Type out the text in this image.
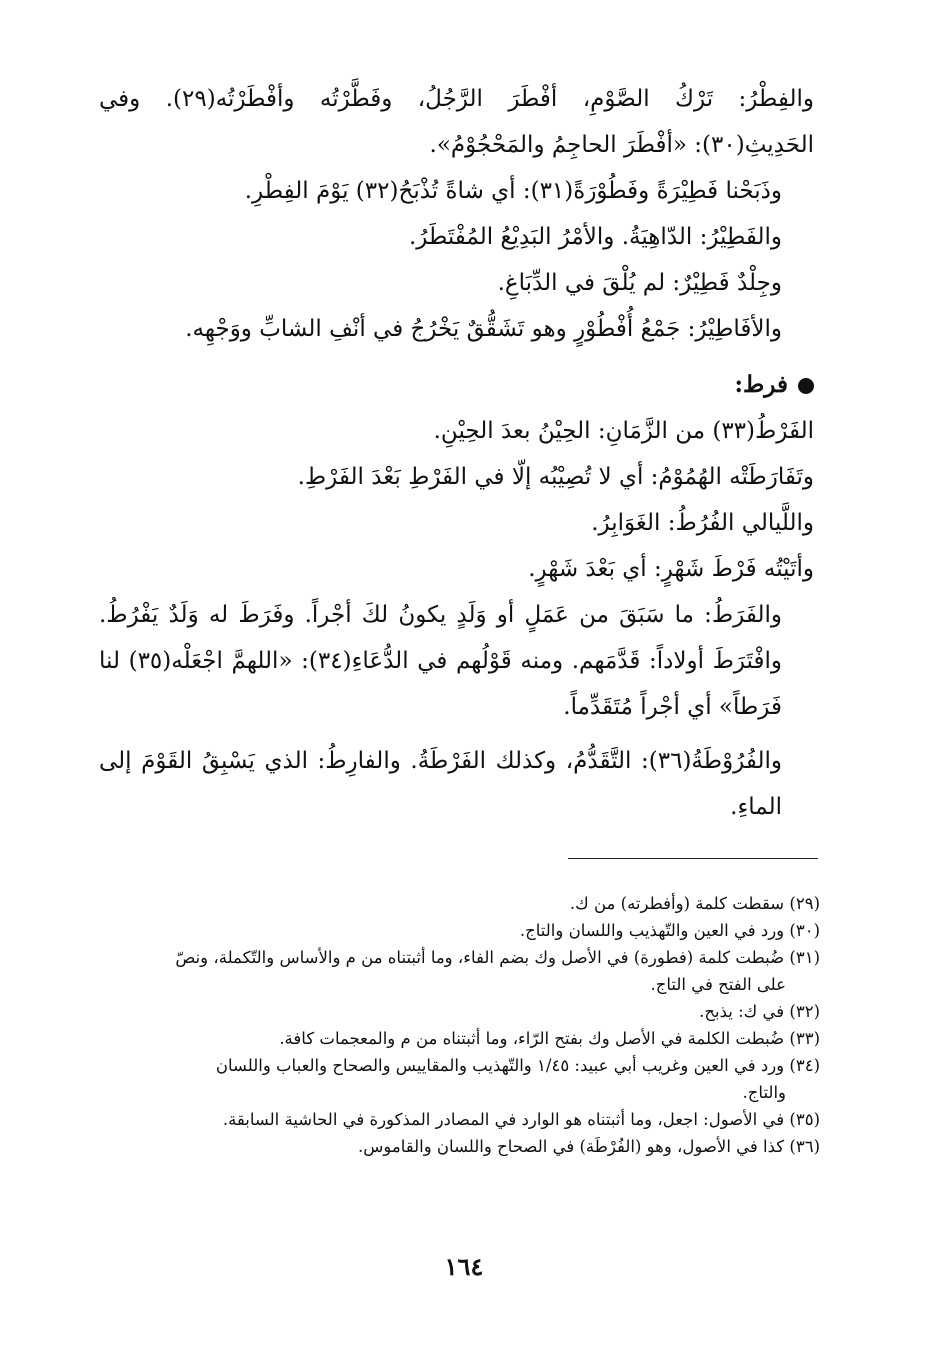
والفِطْرُ: تَرْكُ الصَّوْمِ، أفْطَرَ الرَّجُلُ، وفَطَّرْتُه وأفْطَرْتُه(٢٩). وفي الحَدِيثِ(٣٠): «أفْطَرَ الحاجِمُ والمَحْجُوْمُ».

وذَبَحْنا فَطِيْرَةً وفَطُوْرَةً(٣١): أي شاةً تُذْبَحُ(٣٢) يَوْمَ الفِطْرِ.

والفَطِيْرُ: الدّاهِيَةُ. والأمْرُ البَدِيْعُ المُفْتَطَرُ.

وجِلْدٌ فَطِيْرٌ: لم يُلْقَ في الدِّبَاغِ.

والأفَاطِيْرُ: جَمْعُ أُفْطُوْرٍ وهو تَشَقُّقٌ يَخْرُجُ في أنْفِ الشابِّ ووَجْهِه.

فرط:

الفَرْطُ(٣٣) من الزَّمَانِ: الحِيْنُ بعدَ الحِيْنِ.

وتَفَارَطَتْه الهُمُوْمُ: أي لا تُصِيْبُه إلّا في الفَرْطِ بَعْدَ الفَرْطِ.

واللَّيالي الفُرُطُ: الغَوَابِرُ.

وأتَيْتُه فَرْطَ شَهْرٍ: أي بَعْدَ شَهْرٍ.

والفَرَطُ: ما سَبَقَ من عَمَلٍ أو وَلَدٍ يكونُ لكَ أجْراً. وفَرَطَ له وَلَدٌ يَفْرُطُ. وافْتَرَطَ أولاداً: قَدَّمَهم. ومنه قَوْلُهم في الدُّعَاءِ(٣٤): «اللهمَّ اجْعَلْه(٣٥) لنا فَرَطاً» أي أجْراً مُتَقَدِّماً.

والفُرُوْطَةُ(٣٦): التَّقَدُّمُ، وكذلك الفَرْطَةُ. والفارِطُ: الذي يَسْبِقُ القَوْمَ إلى الماءِ.

(٢٩) سقطت كلمة (وأفطرته) من ك.

(٣٠) ورد في العين والتّهذيب واللسان والتاج.

(٣١) ضُبطت كلمة (فطورة) في الأصل وك بضم الفاء، وما أثبتناه من م والأساس والتّكملة، ونصّ

على الفتح في التاج.

(٣٢) في ك: يذبح.

(٣٣) ضُبطت الكلمة في الأصل وك بفتح الرّاء، وما أثبتناه من م والمعجمات كافة.

(٣٤) ورد في العين وغريب أبي عبيد: ١/٤٥ والتّهذيب والمقاييس والصحاح والعباب واللسان

والتاج.

(٣٥) في الأصول: اجعل، وما أثبتناه هو الوارد في المصادر المذكورة في الحاشية السابقة.

(٣٦) كذا في الأصول، وهو (الفُرْطَة) في الصحاح واللسان والقاموس.

١٦٤
